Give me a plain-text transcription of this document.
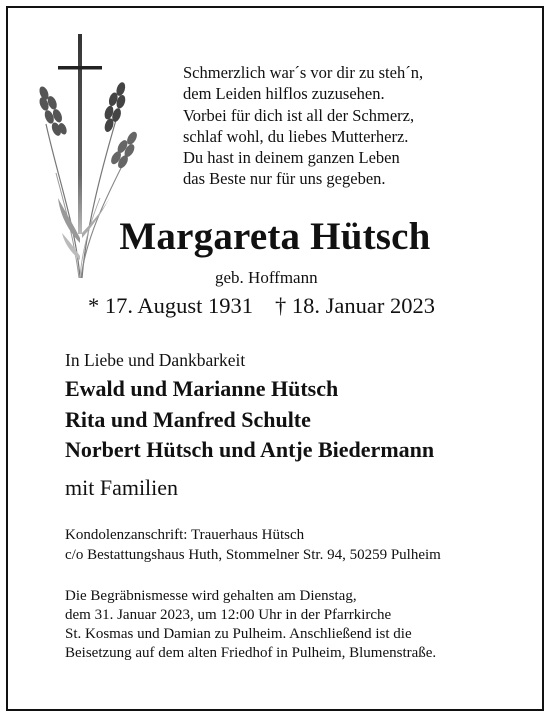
Schmerzlich war´s vor dir zu steh´n,
dem Leiden hilflos zuzusehen.
Vorbei für dich ist all der Schmerz,
schlaf wohl, du liebes Mutterherz.
Du hast in deinem ganzen Leben
das Beste nur für uns gegeben.
Margareta Hütsch
geb. Hoffmann
* 17. August 1931 † 18. Januar 2023
In Liebe und Dankbarkeit
Ewald und Marianne Hütsch
Rita und Manfred Schulte
Norbert Hütsch und Antje Biedermann
mit Familien
Kondolenzanschrift: Trauerhaus Hütsch
c/o Bestattungshaus Huth, Stommelner Str. 94, 50259 Pulheim
Die Begräbnismesse wird gehalten am Dienstag,
dem 31. Januar 2023, um 12:00 Uhr in der Pfarrkirche
St. Kosmas und Damian zu Pulheim. Anschließend ist die
Beisetzung auf dem alten Friedhof in Pulheim, Blumenstraße.
